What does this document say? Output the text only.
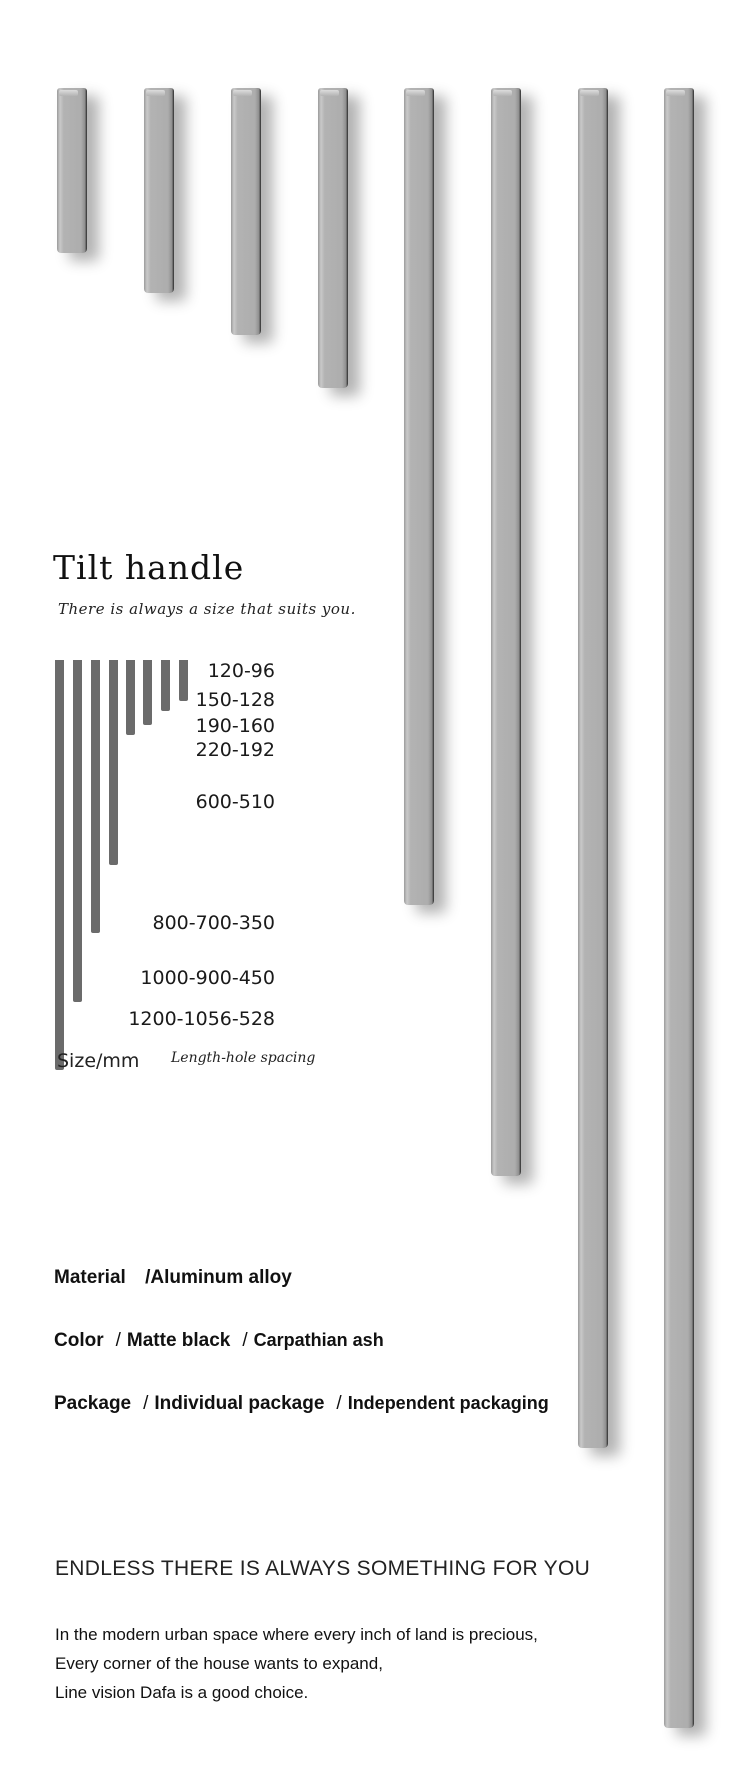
Tilt handle
There is always a size that suits you.
120-96
150-128
190-160
220-192
600-510
800-700-350
1000-900-450
1200-1056-528
Size/mm Length-hole spacing
Material /Aluminum alloy
Color / Matte black / Carpathian ash
Package / Individual package / Independent packaging
ENDLESS THERE IS ALWAYS SOMETHING FOR YOU
In the modern urban space where every inch of land is precious,
Every corner of the house wants to expand,
Line vision Dafa is a good choice.
